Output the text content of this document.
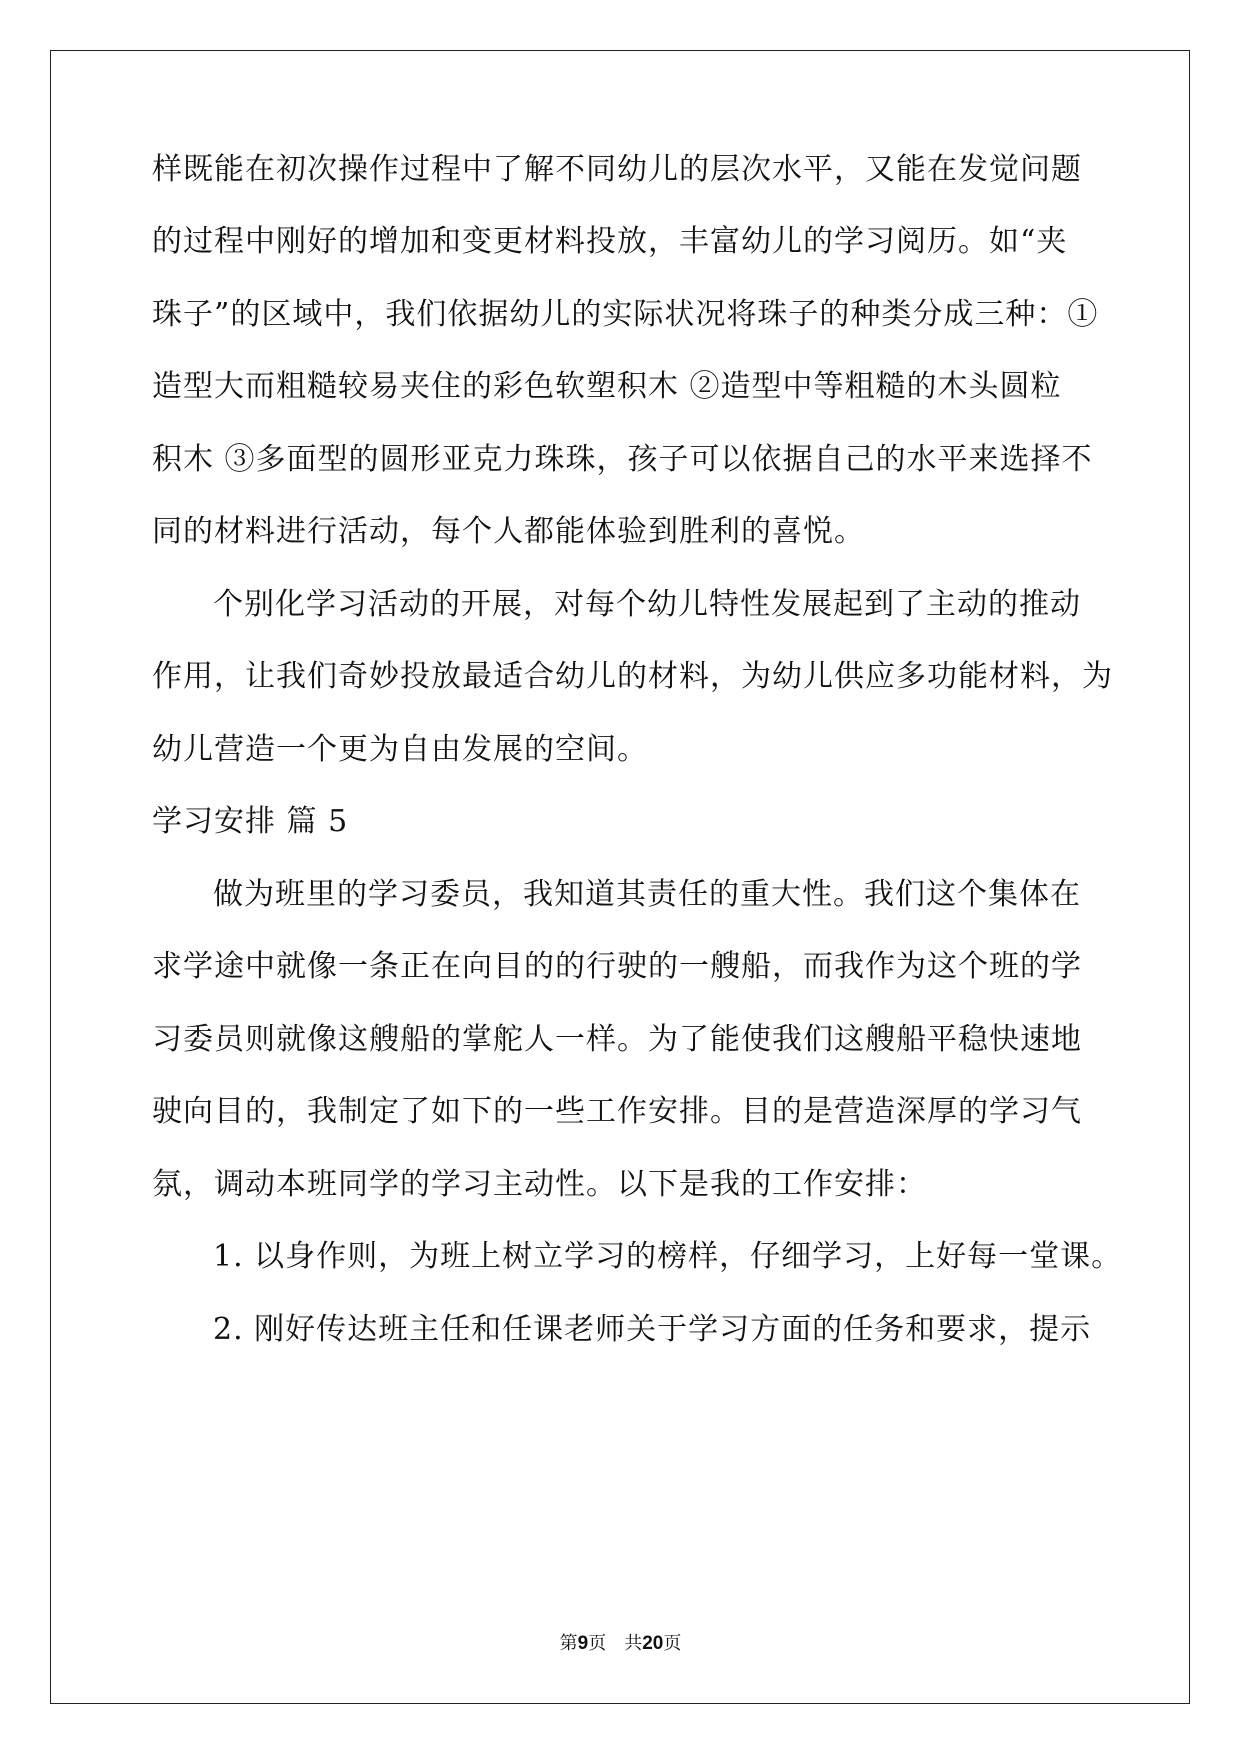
样既能在初次操作过程中了解不同幼儿的层次水平，又能在发觉问题
的过程中刚好的增加和变更材料投放，丰富幼儿的学习阅历。如“夹
珠子”的区域中，我们依据幼儿的实际状况将珠子的种类分成三种：①
造型大而粗糙较易夹住的彩色软塑积木 ②造型中等粗糙的木头圆粒
积木 ③多面型的圆形亚克力珠珠，孩子可以依据自己的水平来选择不
同的材料进行活动，每个人都能体验到胜利的喜悦。
个别化学习活动的开展，对每个幼儿特性发展起到了主动的推动
作用，让我们奇妙投放最适合幼儿的材料，为幼儿供应多功能材料，为
幼儿营造一个更为自由发展的空间。
学习安排 篇 5
做为班里的学习委员，我知道其责任的重大性。我们这个集体在
求学途中就像一条正在向目的的行驶的一艘船，而我作为这个班的学
习委员则就像这艘船的掌舵人一样。为了能使我们这艘船平稳快速地
驶向目的，我制定了如下的一些工作安排。目的是营造深厚的学习气
氛，调动本班同学的学习主动性。以下是我的工作安排：
1. 以身作则，为班上树立学习的榜样，仔细学习，上好每一堂课。
2. 刚好传达班主任和任课老师关于学习方面的任务和要求，提示
第9页　共20页
